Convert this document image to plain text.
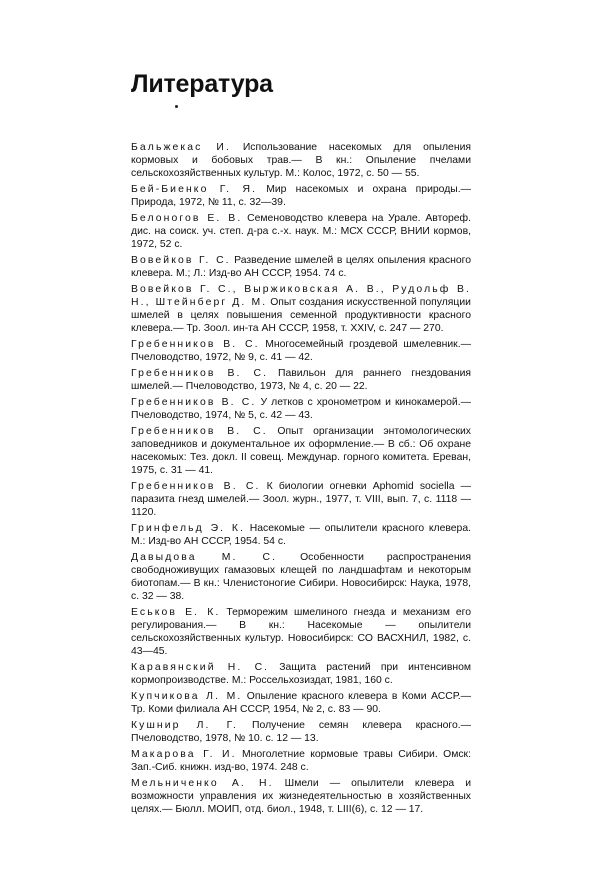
Литература
Бальжекас И. Использование насекомых для опыления кормовых и бобовых трав.— В кн.: Опыление пчелами сельскохозяйственных культур. М.: Колос, 1972, с. 50 — 55.
Бей-Биенко Г. Я. Мир насекомых и охрана природы.— Природа, 1972, № 11, с. 32—39.
Белоногов Е. В. Семеноводство клевера на Урале. Автореф. дис. на соиск. уч. степ. д-ра с.-х. наук. М.: МСХ СССР, ВНИИ кормов, 1972, 52 с.
Вовейков Г. С. Разведение шмелей в целях опыления красного клевера. М.; Л.: Изд-во АН СССР, 1954. 74 с.
Вовейков Г. С., Выржиковская А. В., Рудольф В. Н., Штейнберг Д. М. Опыт создания искусственной популяции шмелей в целях повышения семенной продуктивности красного клевера.— Тр. Зоол. ин-та АН СССР, 1958, т. XXIV, с. 247 — 270.
Гребенников В. С. Многосемейный гроздевой шмелевник.— Пчеловодство, 1972, № 9, с. 41 — 42.
Гребенников В. С. Павильон для раннего гнездования шмелей.— Пчеловодство, 1973, № 4, с. 20 — 22.
Гребенников В. С. У летков с хронометром и кинокамерой.— Пчеловодство, 1974, № 5, с. 42 — 43.
Гребенников В. С. Опыт организации энтомологических заповедников и документальное их оформление.— В сб.: Об охране насекомых: Тез. докл. II совещ. Междунар. горного комитета. Ереван, 1975, с. 31 — 41.
Гребенников В. С. К биологии огневки Aphomid sociella — паразита гнезд шмелей.— Зоол. журн., 1977, т. VIII, вып. 7, с. 1118 — 1120.
Гринфельд Э. К. Насекомые — опылители красного клевера. М.: Изд-во АН СССР, 1954. 54 с.
Давыдова М. С. Особенности распространения свободноживущих гамазовых клещей по ландшафтам и некоторым биотопам.— В кн.: Членистоногие Сибири. Новосибирск: Наука, 1978, с. 32 — 38.
Еськов Е. К. Терморежим шмелиного гнезда и механизм его регулирования.— В кн.: Насекомые — опылители сельскохозяйственных культур. Новосибирск: СО ВАСХНИЛ, 1982, с. 43—45.
Каравянский Н. С. Защита растений при интенсивном кормопроизводстве. М.: Россельхозиздат, 1981, 160 с.
Купчикова Л. М. Опыление красного клевера в Коми АССР.— Тр. Коми филиала АН СССР, 1954, № 2, с. 83 — 90.
Кушнир Л. Г. Получение семян клевера красного.— Пчеловодство, 1978, № 10. с. 12 — 13.
Макарова Г. И. Многолетние кормовые травы Сибири. Омск: Зап.-Сиб. книжн. изд-во, 1974. 248 с.
Мельниченко А. Н. Шмели — опылители клевера и возможности управления их жизнедеятельностью в хозяйственных целях.— Бюлл. МОИП, отд. биол., 1948, т. LIII(6), с. 12 — 17.
